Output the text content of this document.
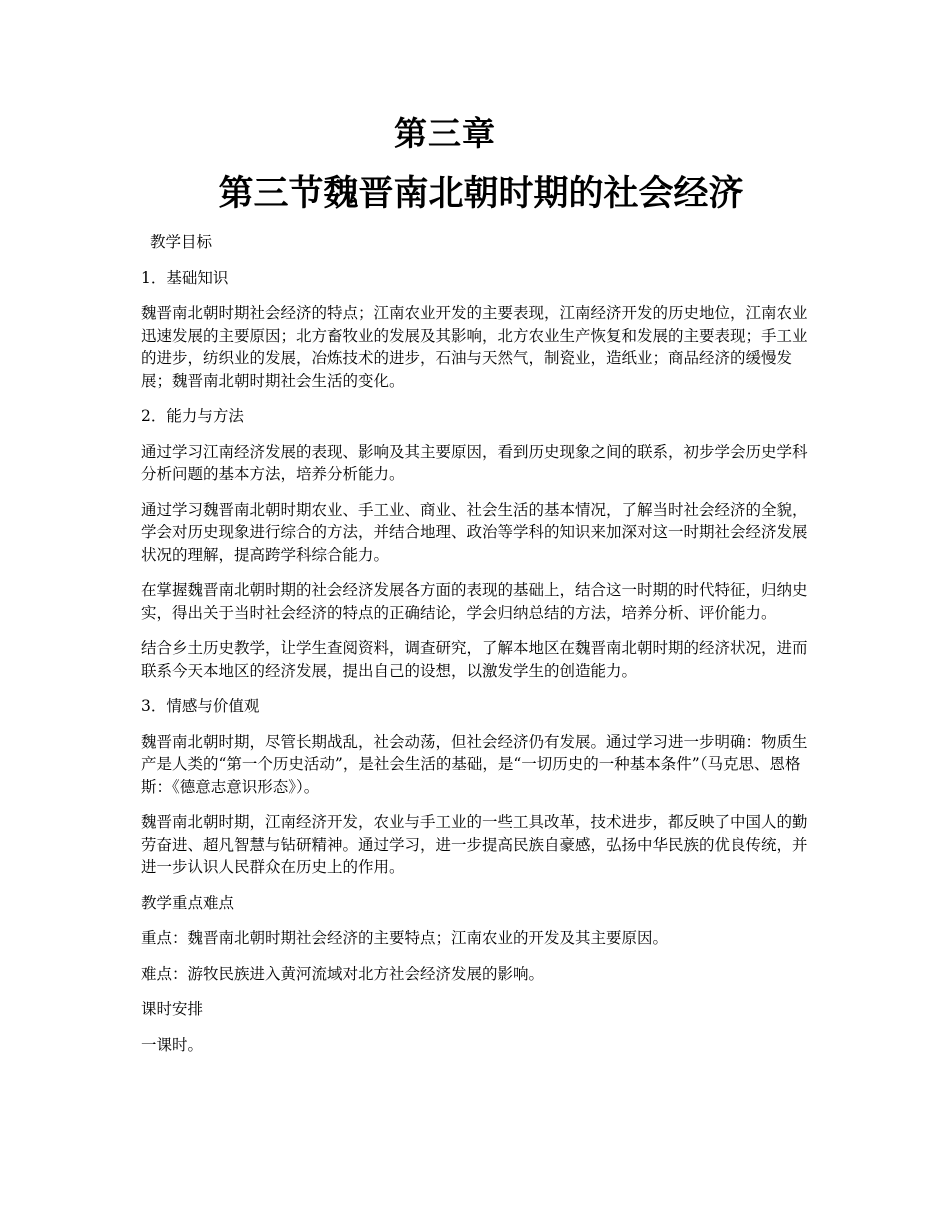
第三章
第三节魏晋南北朝时期的社会经济

教学目标

1．基础知识

魏晋南北朝时期社会经济的特点；江南农业开发的主要表现，江南经济开发的历史地位，江南农业迅速发展的主要原因；北方畜牧业的发展及其影响，北方农业生产恢复和发展的主要表现；手工业的进步，纺织业的发展，冶炼技术的进步，石油与天然气，制瓷业，造纸业；商品经济的缓慢发展；魏晋南北朝时期社会生活的变化。

2．能力与方法

通过学习江南经济发展的表现、影响及其主要原因，看到历史现象之间的联系，初步学会历史学科分析问题的基本方法，培养分析能力。

通过学习魏晋南北朝时期农业、手工业、商业、社会生活的基本情况，了解当时社会经济的全貌，学会对历史现象进行综合的方法，并结合地理、政治等学科的知识来加深对这一时期社会经济发展状况的理解，提高跨学科综合能力。

在掌握魏晋南北朝时期的社会经济发展各方面的表现的基础上，结合这一时期的时代特征，归纳史实，得出关于当时社会经济的特点的正确结论，学会归纳总结的方法，培养分析、评价能力。

结合乡土历史教学，让学生查阅资料，调查研究，了解本地区在魏晋南北朝时期的经济状况，进而联系今天本地区的经济发展，提出自己的设想，以激发学生的创造能力。

3．情感与价值观

魏晋南北朝时期，尽管长期战乱，社会动荡，但社会经济仍有发展。通过学习进一步明确：物质生产是人类的“第一个历史活动”，是社会生活的基础，是“一切历史的一种基本条件”（马克思、恩格斯：《德意志意识形态》）。

魏晋南北朝时期，江南经济开发，农业与手工业的一些工具改革，技术进步，都反映了中国人的勤劳奋进、超凡智慧与钻研精神。通过学习，进一步提高民族自豪感，弘扬中华民族的优良传统，并进一步认识人民群众在历史上的作用。

教学重点难点

重点：魏晋南北朝时期社会经济的主要特点；江南农业的开发及其主要原因。

难点：游牧民族进入黄河流域对北方社会经济发展的影响。

课时安排

一课时。
